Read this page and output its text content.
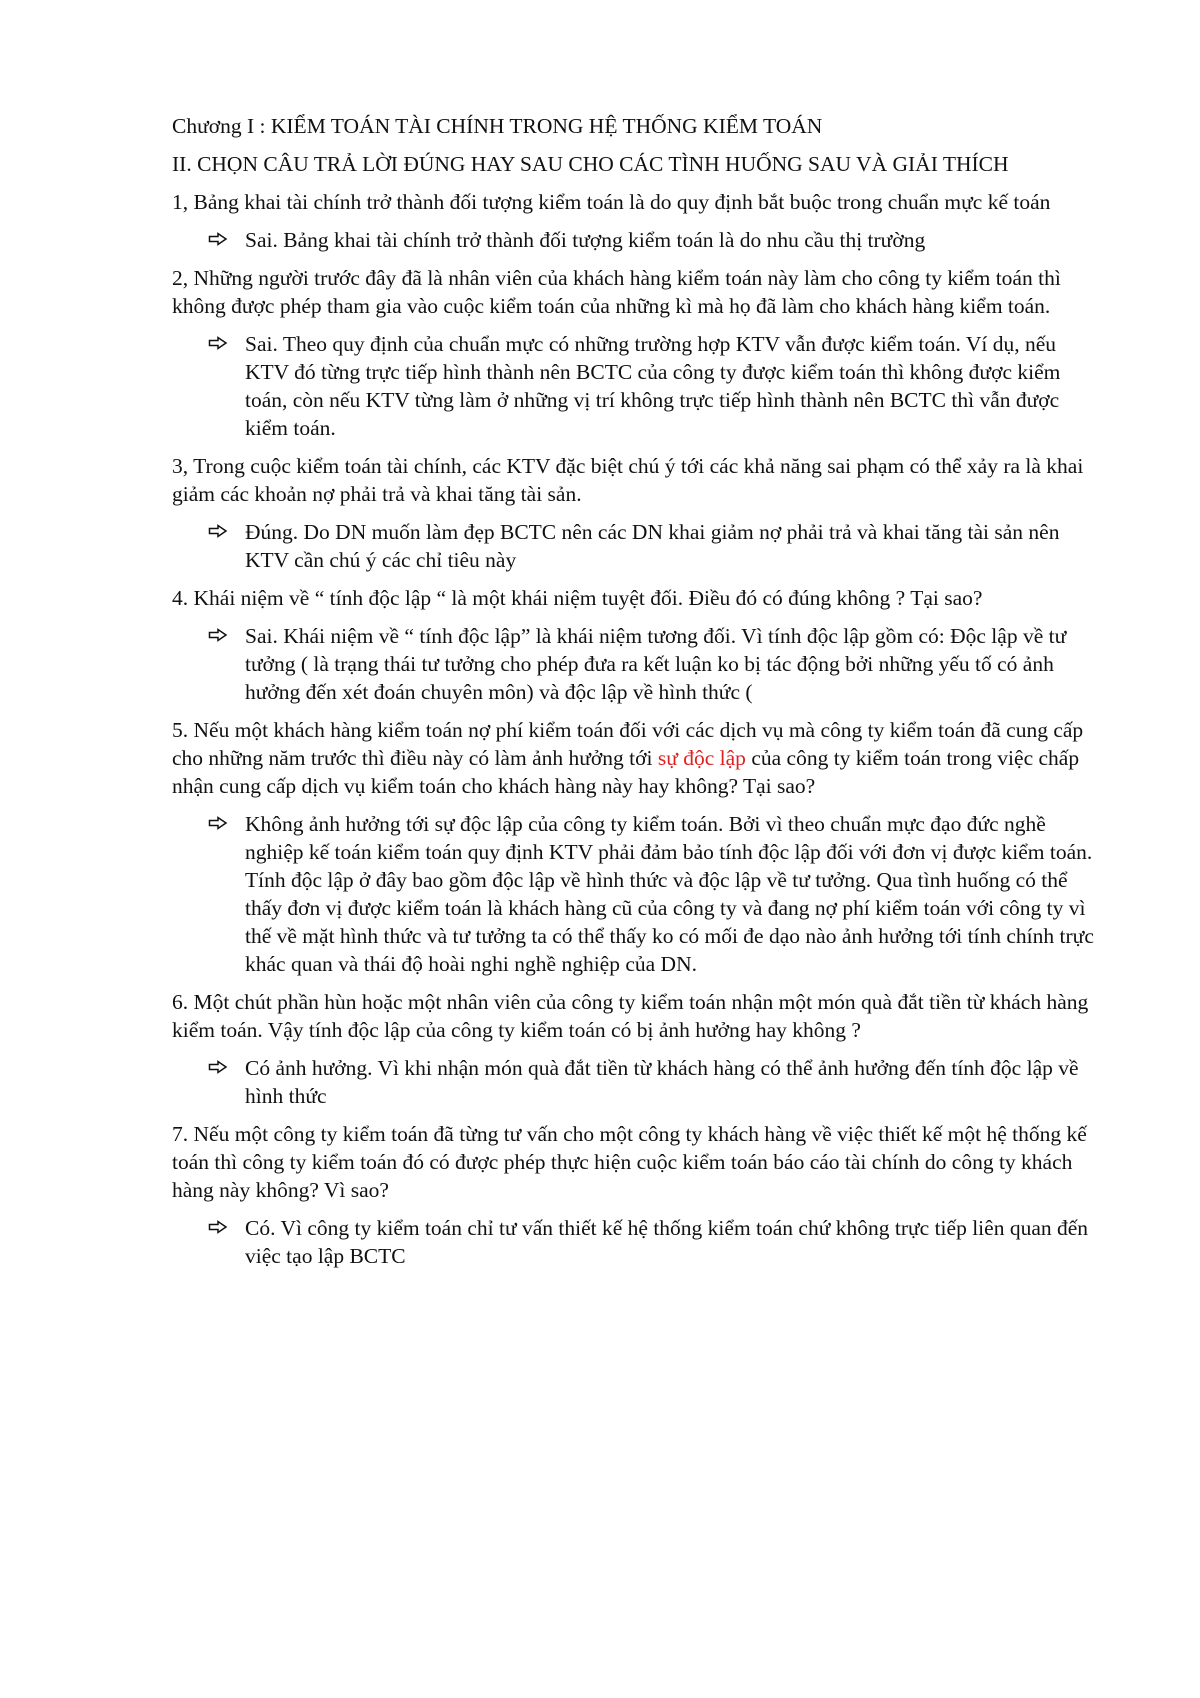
Chương I : KIỂM TOÁN TÀI CHÍNH TRONG HỆ THỐNG KIỂM TOÁN

II. CHỌN CÂU TRẢ LỜI ĐÚNG HAY SAU CHO CÁC TÌNH HUỐNG SAU VÀ GIẢI THÍCH

1, Bảng khai tài chính trở thành đối tượng kiểm toán là do quy định bắt buộc trong chuẩn mực kế toán

Sai. Bảng khai tài chính trở thành đối tượng kiểm toán là do nhu cầu thị trường

2, Những người trước đây đã là nhân viên của khách hàng kiểm toán này làm cho công ty kiểm toán thì không được phép tham gia vào cuộc kiểm toán của những kì mà họ đã làm cho khách hàng kiểm toán.

Sai. Theo quy định của chuẩn mực có những trường hợp KTV vẫn được kiểm toán. Ví dụ, nếu KTV đó từng trực tiếp hình thành nên BCTC của công ty được kiểm toán thì không được kiểm toán, còn nếu KTV từng làm ở những vị trí không trực tiếp hình thành nên BCTC thì vẫn được kiểm toán.

3, Trong cuộc kiểm toán tài chính, các KTV đặc biệt chú ý tới các khả năng sai phạm có thể xảy ra là khai giảm các khoản nợ phải trả và khai tăng tài sản.

Đúng. Do DN muốn làm đẹp BCTC nên các DN khai giảm nợ phải trả và khai tăng tài sản nên KTV cần chú ý các chỉ tiêu này

4. Khái niệm về “ tính độc lập “ là một khái niệm tuyệt đối. Điều đó có đúng không ? Tại sao?

Sai. Khái niệm về “ tính độc lập” là khái niệm tương đối. Vì tính độc lập gồm có: Độc lập về tư tưởng ( là trạng thái tư tưởng cho phép đưa ra kết luận ko bị tác động bởi những yếu tố có ảnh hưởng đến xét đoán chuyên môn) và độc lập về hình thức (

5. Nếu một khách hàng kiểm toán nợ phí kiểm toán đối với các dịch vụ mà công ty kiểm toán đã cung cấp cho những năm trước thì điều này có làm ảnh hưởng tới sự độc lập của công ty kiểm toán trong việc chấp nhận cung cấp dịch vụ kiểm toán cho khách hàng này hay không? Tại sao?

Không ảnh hưởng tới sự độc lập của công ty kiểm toán. Bởi vì theo chuẩn mực đạo đức nghề nghiệp kế toán kiểm toán quy định KTV phải đảm bảo tính độc lập đối với đơn vị được kiểm toán. Tính độc lập ở đây bao gồm độc lập về hình thức và độc lập về tư tưởng. Qua tình huống có thể thấy đơn vị được kiểm toán là khách hàng cũ của công ty và đang nợ phí kiểm toán với công ty vì thế về mặt hình thức và tư tưởng ta có thể thấy ko có mối đe dạo nào ảnh hưởng tới tính chính trực khác quan và thái độ hoài nghi nghề nghiệp của DN.

6. Một chút phần hùn hoặc một nhân viên của công ty kiểm toán nhận một món quà đắt tiền từ khách hàng kiểm toán. Vậy tính độc lập của công ty kiểm toán có bị ảnh hưởng hay không ?

Có ảnh hưởng. Vì khi nhận món quà đắt tiền từ khách hàng có thể ảnh hưởng đến tính độc lập về hình thức

7. Nếu một công ty kiểm toán đã từng tư vấn cho một công ty khách hàng về việc thiết kế một hệ thống kế toán thì công ty kiểm toán đó có được phép thực hiện cuộc kiểm toán báo cáo tài chính do công ty khách hàng này không? Vì sao?

Có. Vì công ty kiểm toán chỉ tư vấn thiết kế hệ thống kiểm toán chứ không trực tiếp liên quan đến việc tạo lập BCTC
